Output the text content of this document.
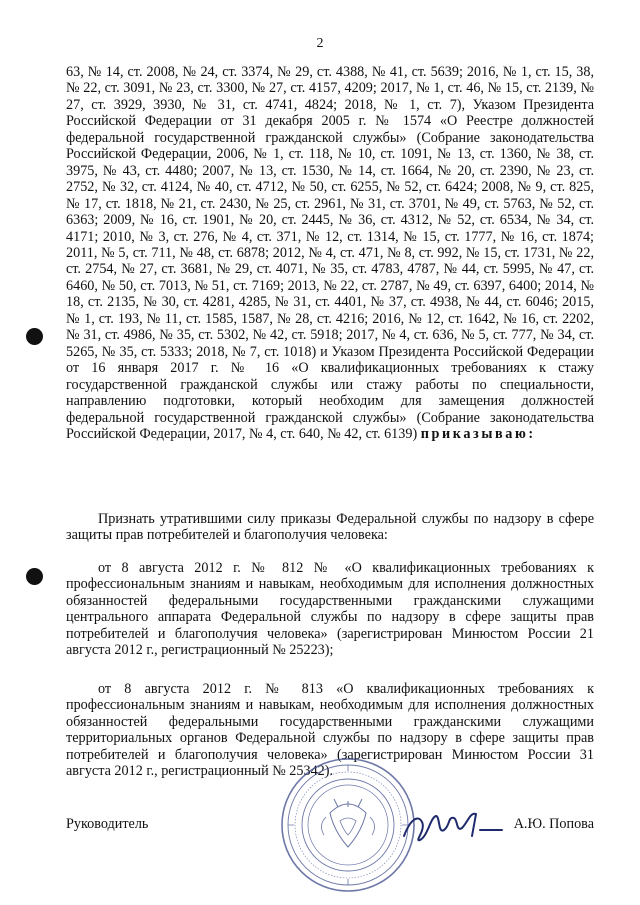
2

63, № 14, ст. 2008, № 24, ст. 3374, № 29, ст. 4388, № 41, ст. 5639; 2016, № 1, ст. 15, 38, № 22, ст. 3091, № 23, ст. 3300, № 27, ст. 4157, 4209; 2017, № 1, ст. 46, № 15, ст. 2139, № 27, ст. 3929, 3930, № 31, ст. 4741, 4824; 2018, № 1, ст. 7), Указом Президента Российской Федерации от 31 декабря 2005 г. № 1574 «О Реестре должностей федеральной государственной гражданской службы» (Собрание законодательства Российской Федерации, 2006, № 1, ст. 118, № 10, ст. 1091, № 13, ст. 1360, № 38, ст. 3975, № 43, ст. 4480; 2007, № 13, ст. 1530, № 14, ст. 1664, № 20, ст. 2390, № 23, ст. 2752, № 32, ст. 4124, № 40, ст. 4712, № 50, ст. 6255, № 52, ст. 6424; 2008, № 9, ст. 825, № 17, ст. 1818, № 21, ст. 2430, № 25, ст. 2961, № 31, ст. 3701, № 49, ст. 5763, № 52, ст. 6363; 2009, № 16, ст. 1901, № 20, ст. 2445, № 36, ст. 4312, № 52, ст. 6534, № 34, ст. 4171; 2010, № 3, ст. 276, № 4, ст. 371, № 12, ст. 1314, № 15, ст. 1777, № 16, ст. 1874; 2011, № 5, ст. 711, № 48, ст. 6878; 2012, № 4, ст. 471, № 8, ст. 992, № 15, ст. 1731, № 22, ст. 2754, № 27, ст. 3681, № 29, ст. 4071, № 35, ст. 4783, 4787, № 44, ст. 5995, № 47, ст. 6460, № 50, ст. 7013, № 51, ст. 7169; 2013, № 22, ст. 2787, № 49, ст. 6397, 6400; 2014, № 18, ст. 2135, № 30, ст. 4281, 4285, № 31, ст. 4401, № 37, ст. 4938, № 44, ст. 6046; 2015, № 1, ст. 193, № 11, ст. 1585, 1587, № 28, ст. 4216; 2016, № 12, ст. 1642, № 16, ст. 2202, № 31, ст. 4986, № 35, ст. 5302, № 42, ст. 5918; 2017, № 4, ст. 636, № 5, ст. 777, № 34, ст. 5265, № 35, ст. 5333; 2018, № 7, ст. 1018) и Указом Президента Российской Федерации от 16 января 2017 г. № 16 «О квалификационных требованиях к стажу государственной гражданской службы или стажу работы по специальности, направлению подготовки, который необходим для замещения должностей федеральной государственной гражданской службы» (Собрание законодательства Российской Федерации, 2017, № 4, ст. 640, № 42, ст. 6139) приказываю:

Признать утратившими силу приказы Федеральной службы по надзору в сфере защиты прав потребителей и благополучия человека:

от 8 августа 2012 г. № 812 № «О квалификационных требованиях к профессиональным знаниям и навыкам, необходимым для исполнения должностных обязанностей федеральными государственными гражданскими служащими центрального аппарата Федеральной службы по надзору в сфере защиты прав потребителей и благополучия человека» (зарегистрирован Минюстом России 21 августа 2012 г., регистрационный № 25223);

от 8 августа 2012 г. № 813 «О квалификационных требованиях к профессиональным знаниям и навыкам, необходимым для исполнения должностных обязанностей федеральными государственными гражданскими служащими территориальных органов Федеральной службы по надзору в сфере защиты прав потребителей и благополучия человека» (зарегистрирован Минюстом России 31 августа 2012 г., регистрационный № 25342).

Руководитель	А.Ю. Попова
